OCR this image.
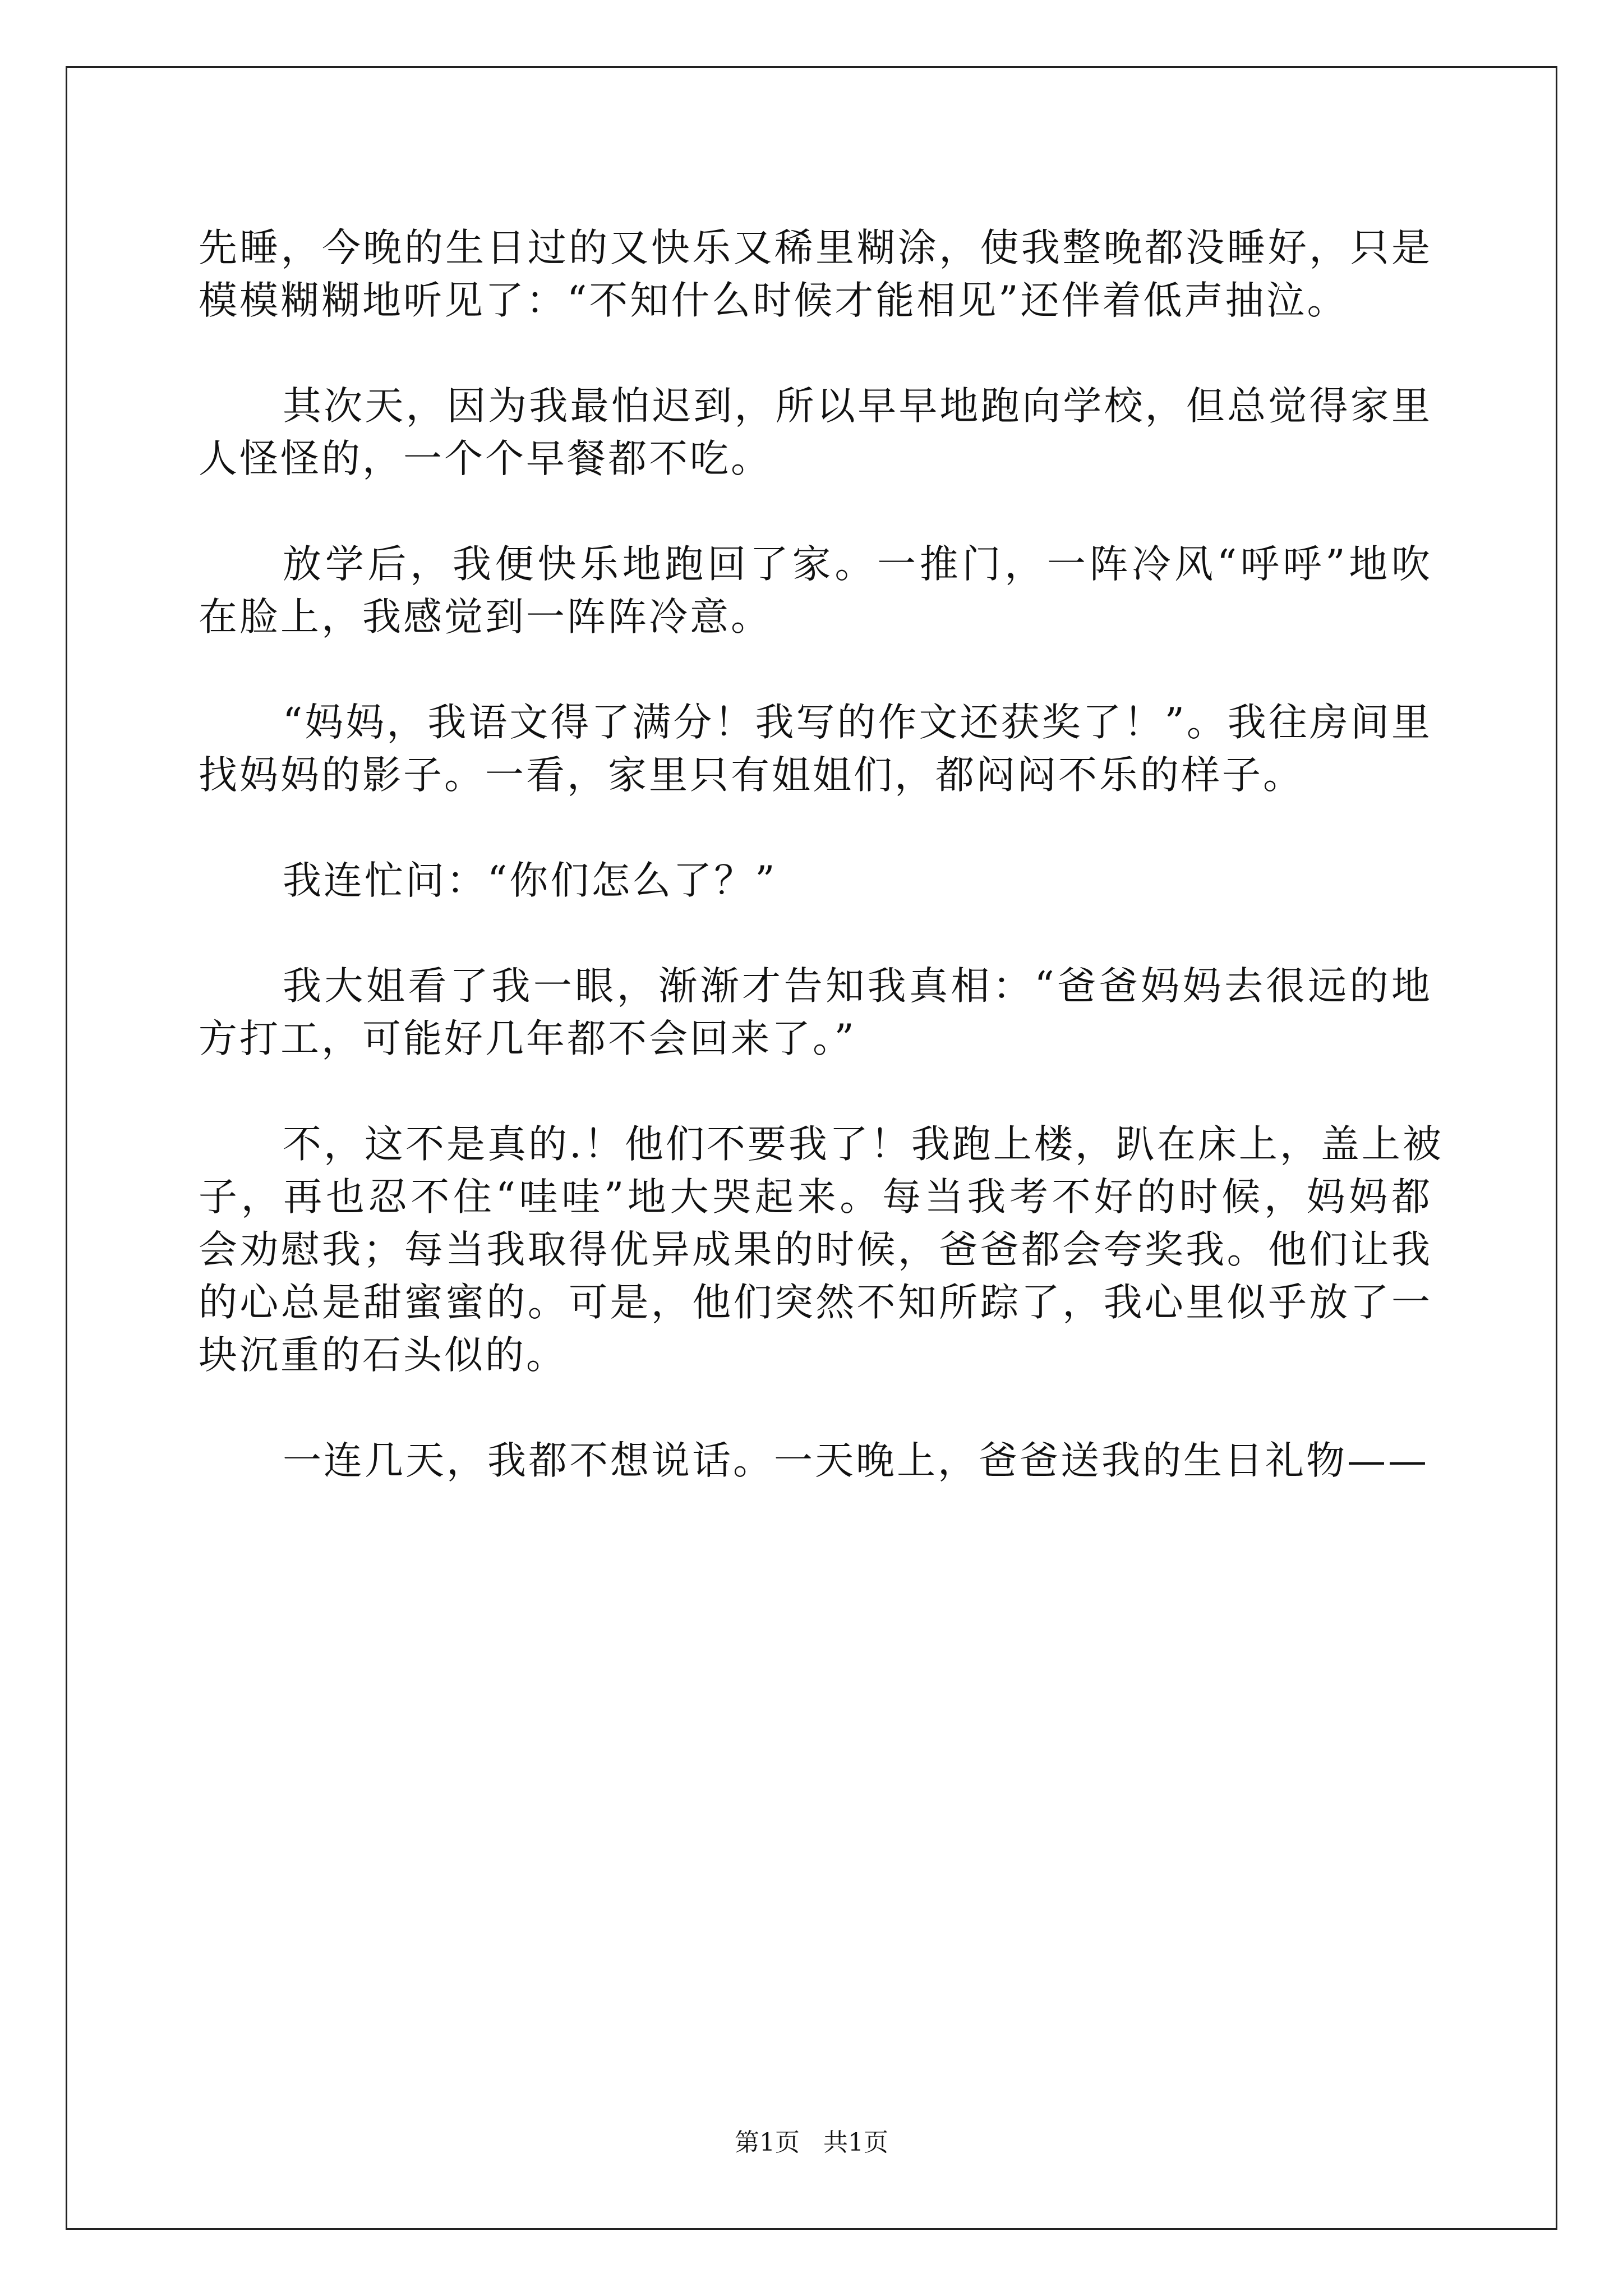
先睡，今晚的生日过的又快乐又稀里糊涂，使我整晚都没睡好，只是
模模糊糊地听见了：“不知什么时候才能相见”还伴着低声抽泣。
其次天，因为我最怕迟到，所以早早地跑向学校，但总觉得家里
人怪怪的，一个个早餐都不吃。
放学后，我便快乐地跑回了家。一推门，一阵冷风“呼呼”地吹
在脸上，我感觉到一阵阵冷意。
“妈妈，我语文得了满分！我写的作文还获奖了！”。我往房间里
找妈妈的影子。一看，家里只有姐姐们，都闷闷不乐的样子。
我连忙问：“你们怎么了？”
我大姐看了我一眼，渐渐才告知我真相：“爸爸妈妈去很远的地
方打工，可能好几年都不会回来了。”
不，这不是真的.！他们不要我了！我跑上楼，趴在床上，盖上被
子，再也忍不住“哇哇”地大哭起来。每当我考不好的时候，妈妈都
会劝慰我；每当我取得优异成果的时候，爸爸都会夸奖我。他们让我
的心总是甜蜜蜜的。可是，他们突然不知所踪了，我心里似乎放了一
块沉重的石头似的。
一连几天，我都不想说话。一天晚上，爸爸送我的生日礼物——
第1页 共1页
